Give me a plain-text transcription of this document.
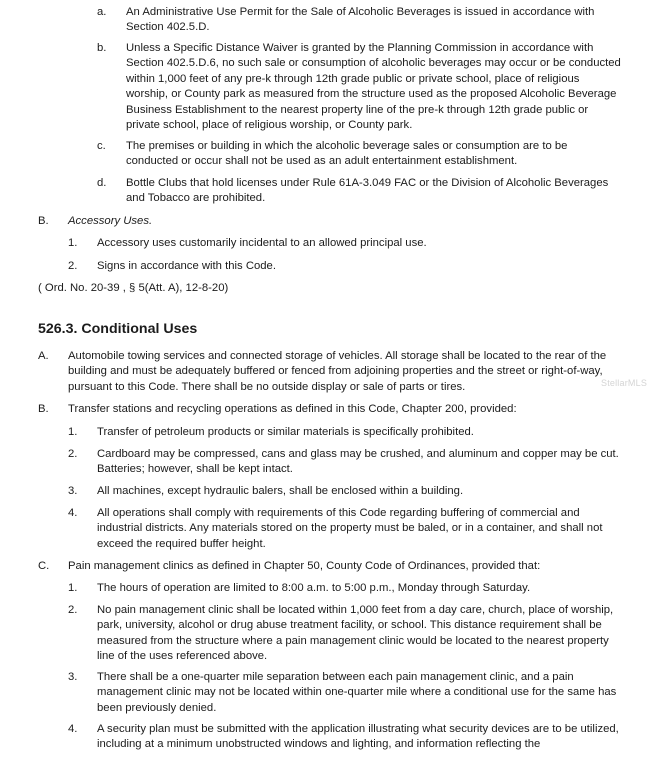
a.	An Administrative Use Permit for the Sale of Alcoholic Beverages is issued in accordance with Section 402.5.D.
b.	Unless a Specific Distance Waiver is granted by the Planning Commission in accordance with Section 402.5.D.6, no such sale or consumption of alcoholic beverages may occur or be conducted within 1,000 feet of any pre-k through 12th grade public or private school, place of religious worship, or County park as measured from the structure used as the proposed Alcoholic Beverage Business Establishment to the nearest property line of the pre-k through 12th grade public or private school, place of religious worship, or County park.
c.	The premises or building in which the alcoholic beverage sales or consumption are to be conducted or occur shall not be used as an adult entertainment establishment.
d.	Bottle Clubs that hold licenses under Rule 61A-3.049 FAC or the Division of Alcoholic Beverages and Tobacco are prohibited.
B.	Accessory Uses.
1.	Accessory uses customarily incidental to an allowed principal use.
2.	Signs in accordance with this Code.
( Ord. No. 20-39 , § 5(Att. A), 12-8-20)
526.3. Conditional Uses
A.	Automobile towing services and connected storage of vehicles. All storage shall be located to the rear of the building and must be adequately buffered or fenced from adjoining properties and the street or right-of-way, pursuant to this Code. There shall be no outside display or sale of parts or tires.	StellarMLS
B.	Transfer stations and recycling operations as defined in this Code, Chapter 200, provided:
1.	Transfer of petroleum products or similar materials is specifically prohibited.
2.	Cardboard may be compressed, cans and glass may be crushed, and aluminum and copper may be cut. Batteries; however, shall be kept intact.
3.	All machines, except hydraulic balers, shall be enclosed within a building.
4.	All operations shall comply with requirements of this Code regarding buffering of commercial and industrial districts. Any materials stored on the property must be baled, or in a container, and shall not exceed the required buffer height.
C.	Pain management clinics as defined in Chapter 50, County Code of Ordinances, provided that:
1.	The hours of operation are limited to 8:00 a.m. to 5:00 p.m., Monday through Saturday.
2.	No pain management clinic shall be located within 1,000 feet from a day care, church, place of worship, park, university, alcohol or drug abuse treatment facility, or school. This distance requirement shall be measured from the structure where a pain management clinic would be located to the nearest property line of the uses referenced above.
3.	There shall be a one-quarter mile separation between each pain management clinic, and a pain management clinic may not be located within one-quarter mile where a conditional use for the same has been previously denied.
4.	A security plan must be submitted with the application illustrating what security devices are to be utilized, including at a minimum unobstructed windows and lighting, and information reflecting the
